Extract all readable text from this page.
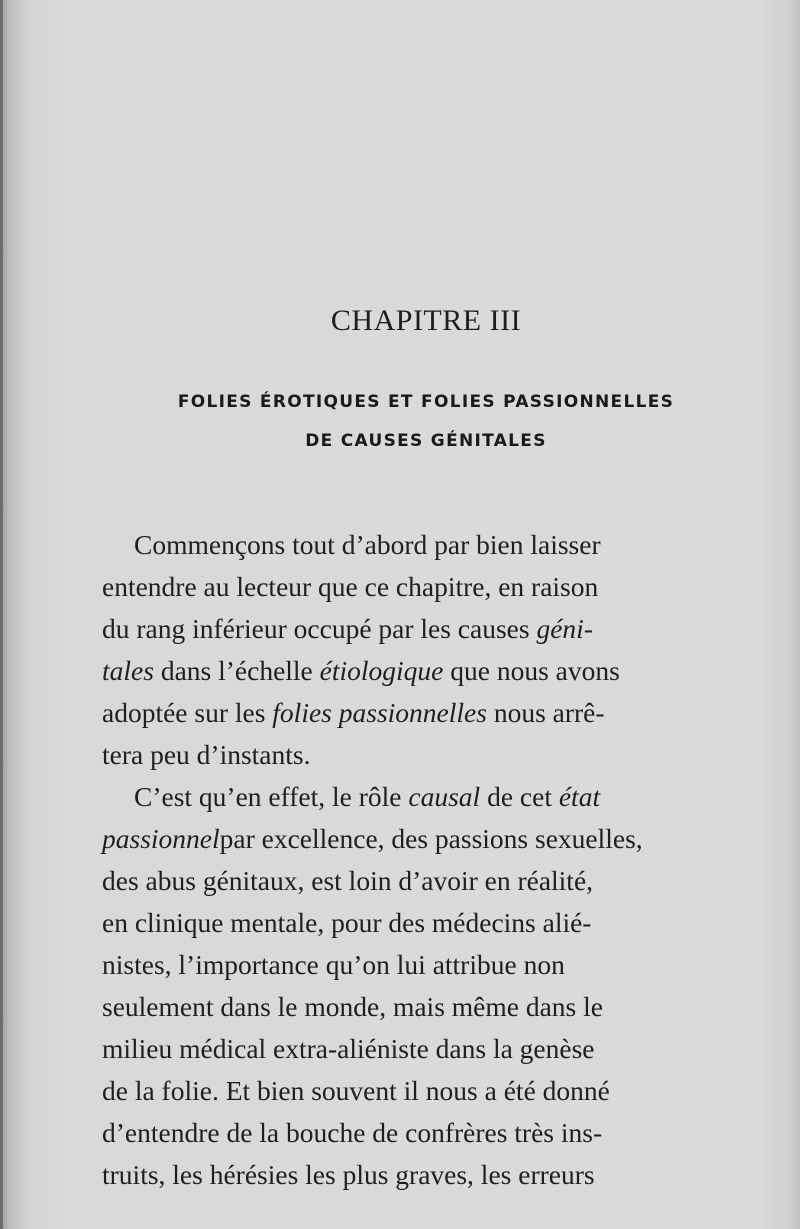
CHAPITRE III
FOLIES ÉROTIQUES ET FOLIES PASSIONNELLES
DE CAUSES GÉNITALES
Commençons tout d’abord par bien laisser
entendre au lecteur que ce chapitre, en raison
du rang inférieur occupé par les causes géni-
tales dans l’échelle étiologique que nous avons
adoptée sur les folies passionnelles nous arrê-
tera peu d’instants.
C’est qu’en effet, le rôle causal de cet état
passionnelpar excellence, des passions sexuelles,
des abus génitaux, est loin d’avoir en réalité,
en clinique mentale, pour des médecins alié-
nistes, l’importance qu’on lui attribue non
seulement dans le monde, mais même dans le
milieu médical extra-aliéniste dans la genèse
de la folie. Et bien souvent il nous a été donné
d’entendre de la bouche de confrères très ins-
truits, les hérésies les plus graves, les erreurs
